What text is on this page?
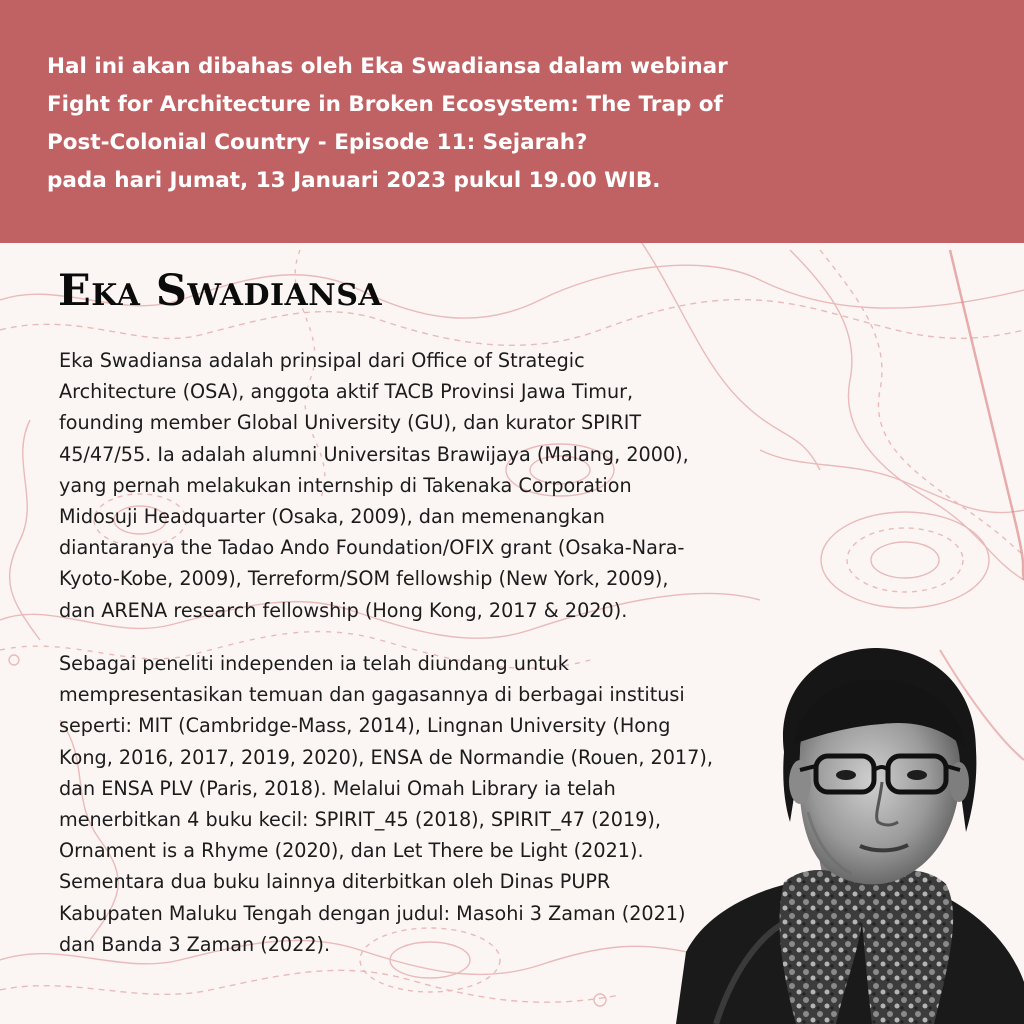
Hal ini akan dibahas oleh Eka Swadiansa dalam webinar
Fight for Architecture in Broken Ecosystem: The Trap of
Post-Colonial Country - Episode 11: Sejarah?
pada hari Jumat, 13 Januari 2023 pukul 19.00 WIB.

Eka Swadiansa

Eka Swadiansa adalah prinsipal dari Office of Strategic
Architecture (OSA), anggota aktif TACB Provinsi Jawa Timur,
founding member Global University (GU), dan kurator SPIRIT
45/47/55. Ia adalah alumni Universitas Brawijaya (Malang, 2000),
yang pernah melakukan internship di Takenaka Corporation
Midosuji Headquarter (Osaka, 2009), dan memenangkan
diantaranya the Tadao Ando Foundation/OFIX grant (Osaka-Nara-
Kyoto-Kobe, 2009), Terreform/SOM fellowship (New York, 2009),
dan ARENA research fellowship (Hong Kong, 2017 & 2020).

Sebagai peneliti independen ia telah diundang untuk
mempresentasikan temuan dan gagasannya di berbagai institusi
seperti: MIT (Cambridge-Mass, 2014), Lingnan University (Hong
Kong, 2016, 2017, 2019, 2020), ENSA de Normandie (Rouen, 2017),
dan ENSA PLV (Paris, 2018). Melalui Omah Library ia telah
menerbitkan 4 buku kecil: SPIRIT_45 (2018), SPIRIT_47 (2019),
Ornament is a Rhyme (2020), dan Let There be Light (2021).
Sementara dua buku lainnya diterbitkan oleh Dinas PUPR
Kabupaten Maluku Tengah dengan judul: Masohi 3 Zaman (2021)
dan Banda 3 Zaman (2022).
